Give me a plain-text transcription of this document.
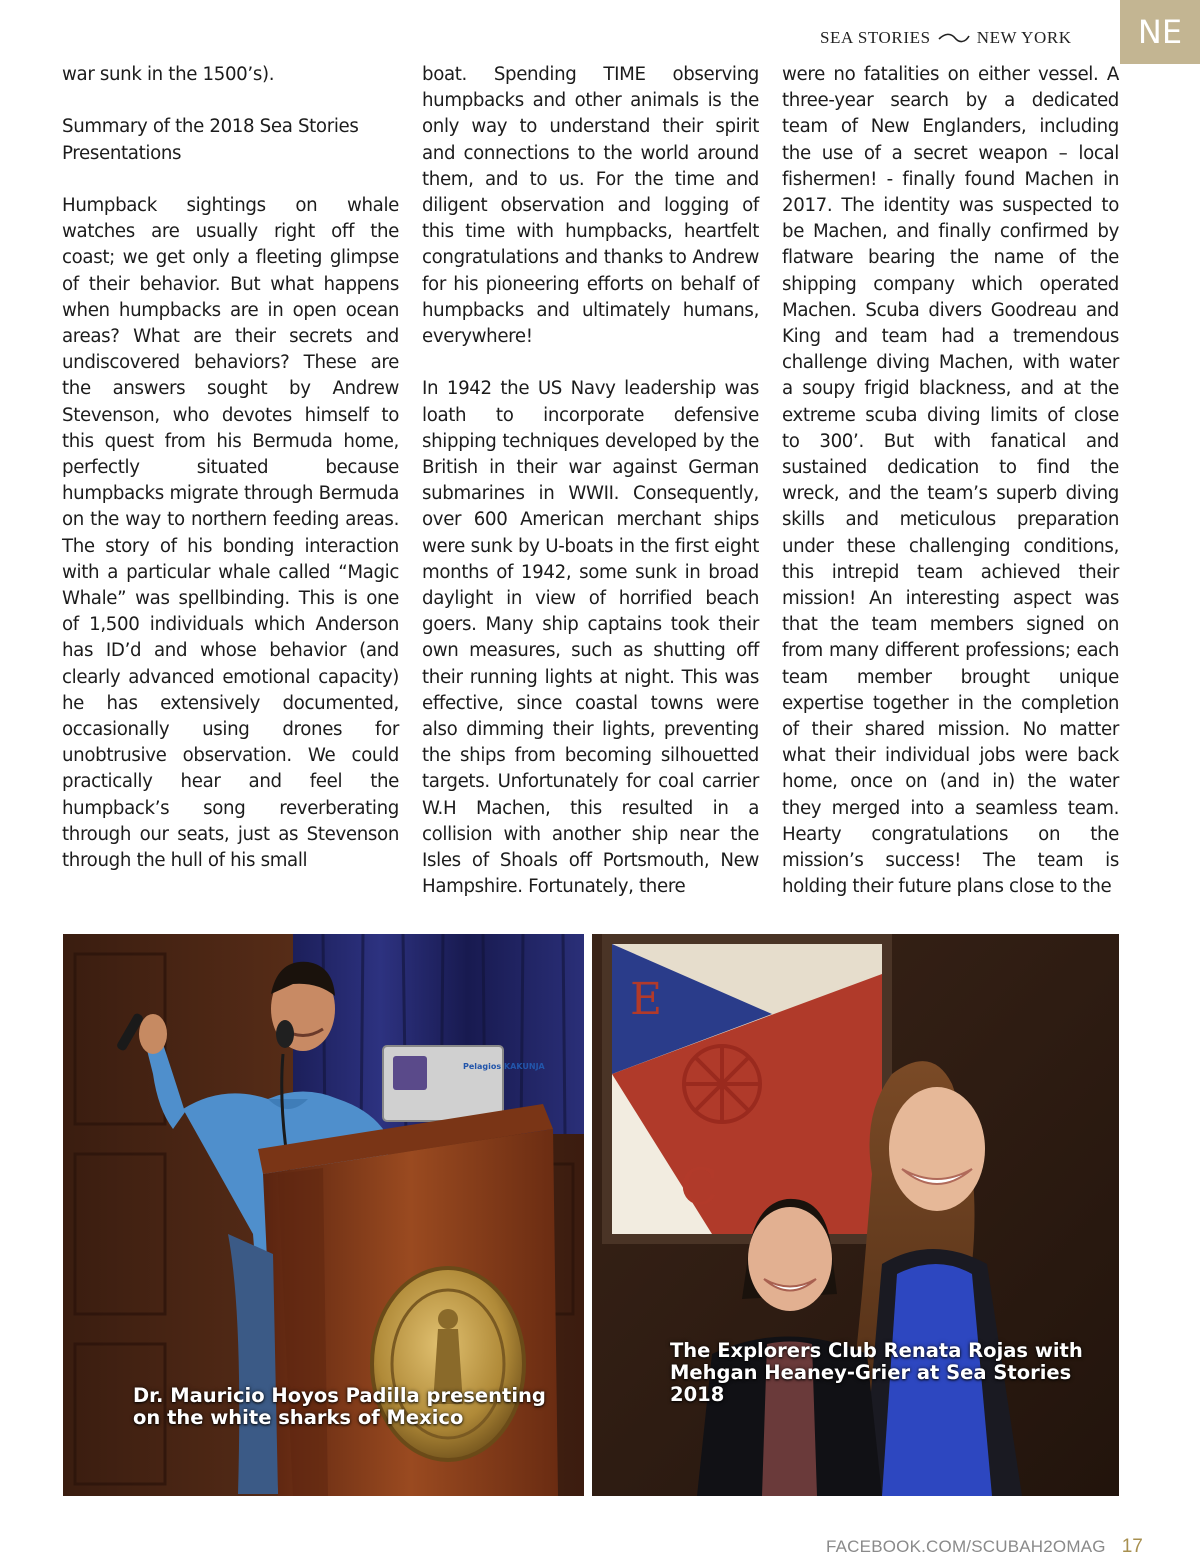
SEA STORIES	NEW YORK	NE

war sunk in the 1500’s).

Summary of the 2018 Sea Stories Presentations

Humpback sightings on whale watches are usually right off the coast; we get only a fleeting glimpse of their behavior. But what happens when humpbacks are in open ocean areas? What are their secrets and undiscovered behaviors? These are the answers sought by Andrew Stevenson, who devotes himself to this quest from his Bermuda home, perfectly situated because humpbacks migrate through Bermuda on the way to northern feeding areas. The story of his bonding interaction with a particular whale called “Magic Whale” was spellbinding. This is one of 1,500 individuals which Anderson has ID’d and whose behavior (and clearly advanced emotional capacity) he has extensively documented, occasionally using drones for unobtrusive observation. We could practically hear and feel the humpback’s song reverberating through our seats, just as Stevenson through the hull of his small

boat. Spending TIME observing humpbacks and other animals is the only way to understand their spirit and connections to the world around them, and to us. For the time and diligent observation and logging of this time with humpbacks, heartfelt congratulations and thanks to Andrew for his pioneering efforts on behalf of humpbacks and ultimately humans, everywhere!

In 1942 the US Navy leadership was loath to incorporate defensive shipping techniques developed by the British in their war against German submarines in WWII. Consequently, over 600 American merchant ships were sunk by U-boats in the first eight months of 1942, some sunk in broad daylight in view of horrified beach goers. Many ship captains took their own measures, such as shutting off their running lights at night. This was effective, since coastal towns were also dimming their lights, preventing the ships from becoming silhouetted targets. Unfortunately for coal carrier W.H Machen, this resulted in a collision with another ship near the Isles of Shoals off Portsmouth, New Hampshire. Fortunately, there

were no fatalities on either vessel. A three-year search by a dedicated team of New Englanders, including the use of a secret weapon – local fishermen! - finally found Machen in 2017. The identity was suspected to be Machen, and finally confirmed by flatware bearing the name of the shipping company which operated Machen. Scuba divers Goodreau and King and team had a tremendous challenge diving Machen, with water a soupy frigid blackness, and at the extreme scuba diving limits of close to 300’. But with fanatical and sustained dedication to find the wreck, and the team’s superb diving skills and meticulous preparation under these challenging conditions, this intrepid team achieved their mission! An interesting aspect was that the team members signed on from many different professions; each team member brought unique expertise together in the completion of their shared mission. No matter what their individual jobs were back home, once on (and in) the water they merged into a seamless team. Hearty congratulations on the mission’s success! The team is holding their future plans close to the

Pelagios KAKUNJA
Dr. Mauricio Hoyos Padilla presenting on the white sharks of Mexico
E
C
The Explorers Club Renata Rojas with Mehgan Heaney-Grier at Sea Stories 2018
FACEBOOK.COM/SCUBAH2OMAG 17
